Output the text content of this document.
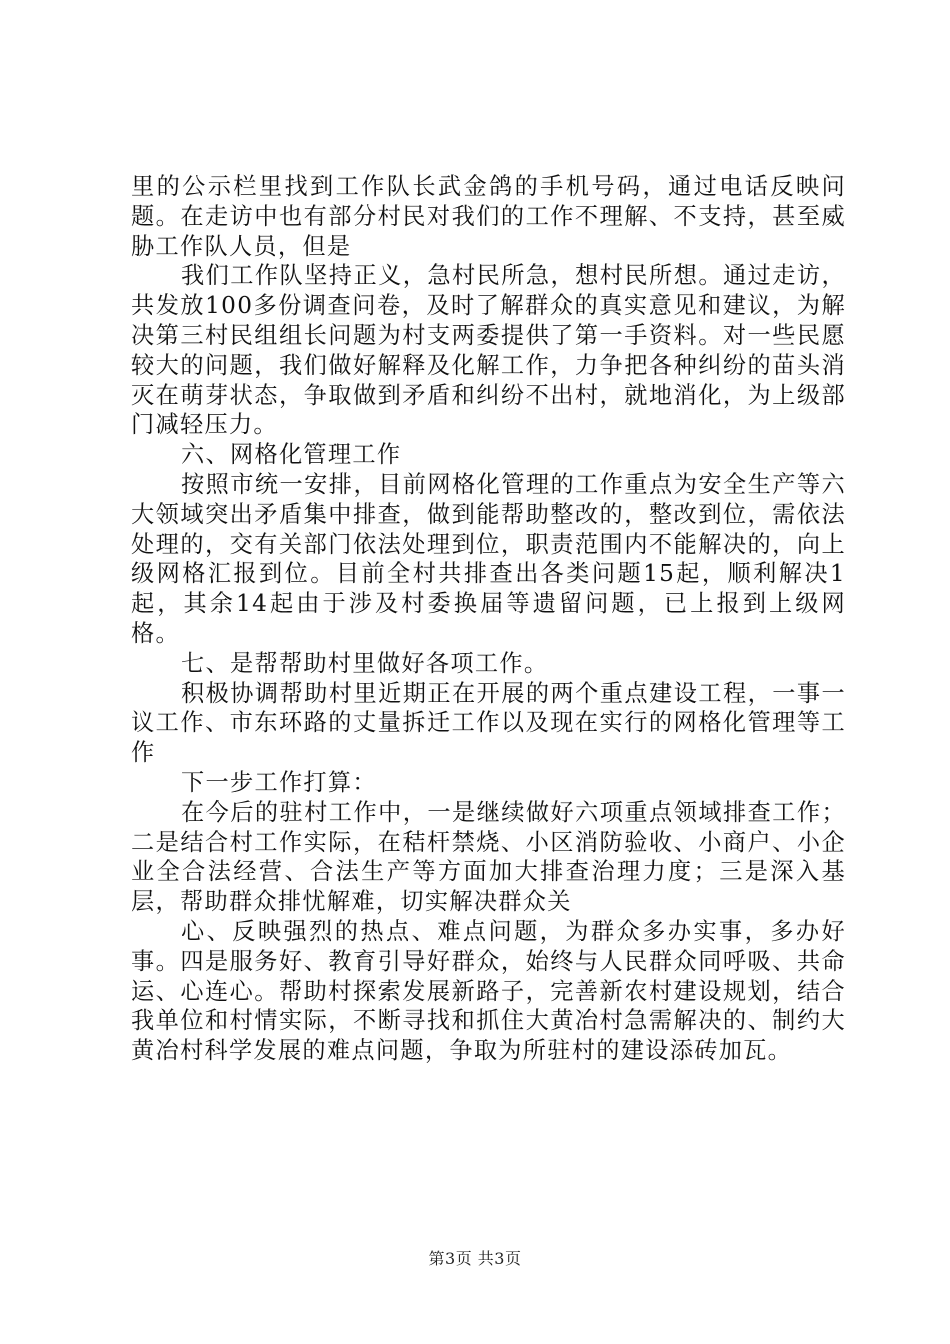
里的公示栏里找到工作队长武金鸽的手机号码，通过电话反映问题。在走访中也有部分村民对我们的工作不理解、不支持，甚至威胁工作队人员，但是

我们工作队坚持正义，急村民所急，想村民所想。通过走访，共发放100多份调查问卷，及时了解群众的真实意见和建议，为解决第三村民组组长问题为村支两委提供了第一手资料。对一些民愿较大的问题，我们做好解释及化解工作，力争把各种纠纷的苗头消灭在萌芽状态，争取做到矛盾和纠纷不出村，就地消化，为上级部门减轻压力。

六、网格化管理工作

按照市统一安排，目前网格化管理的工作重点为安全生产等六大领域突出矛盾集中排查，做到能帮助整改的，整改到位，需依法处理的，交有关部门依法处理到位，职责范围内不能解决的，向上级网格汇报到位。目前全村共排查出各类问题15起，顺利解决1起，其余14起由于涉及村委换届等遗留问题，已上报到上级网格。

七、是帮帮助村里做好各项工作。

积极协调帮助村里近期正在开展的两个重点建设工程，一事一议工作、市东环路的丈量拆迁工作以及现在实行的网格化管理等工作

下一步工作打算：

在今后的驻村工作中，一是继续做好六项重点领域排查工作；二是结合村工作实际，在秸杆禁烧、小区消防验收、小商户、小企业全合法经营、合法生产等方面加大排查治理力度；三是深入基层，帮助群众排忧解难，切实解决群众关

心、反映强烈的热点、难点问题，为群众多办实事，多办好事。四是服务好、教育引导好群众，始终与人民群众同呼吸、共命运、心连心。帮助村探索发展新路子，完善新农村建设规划，结合我单位和村情实际，不断寻找和抓住大黄冶村急需解决的、制约大黄冶村科学发展的难点问题，争取为所驻村的建设添砖加瓦。

第3页 共3页
